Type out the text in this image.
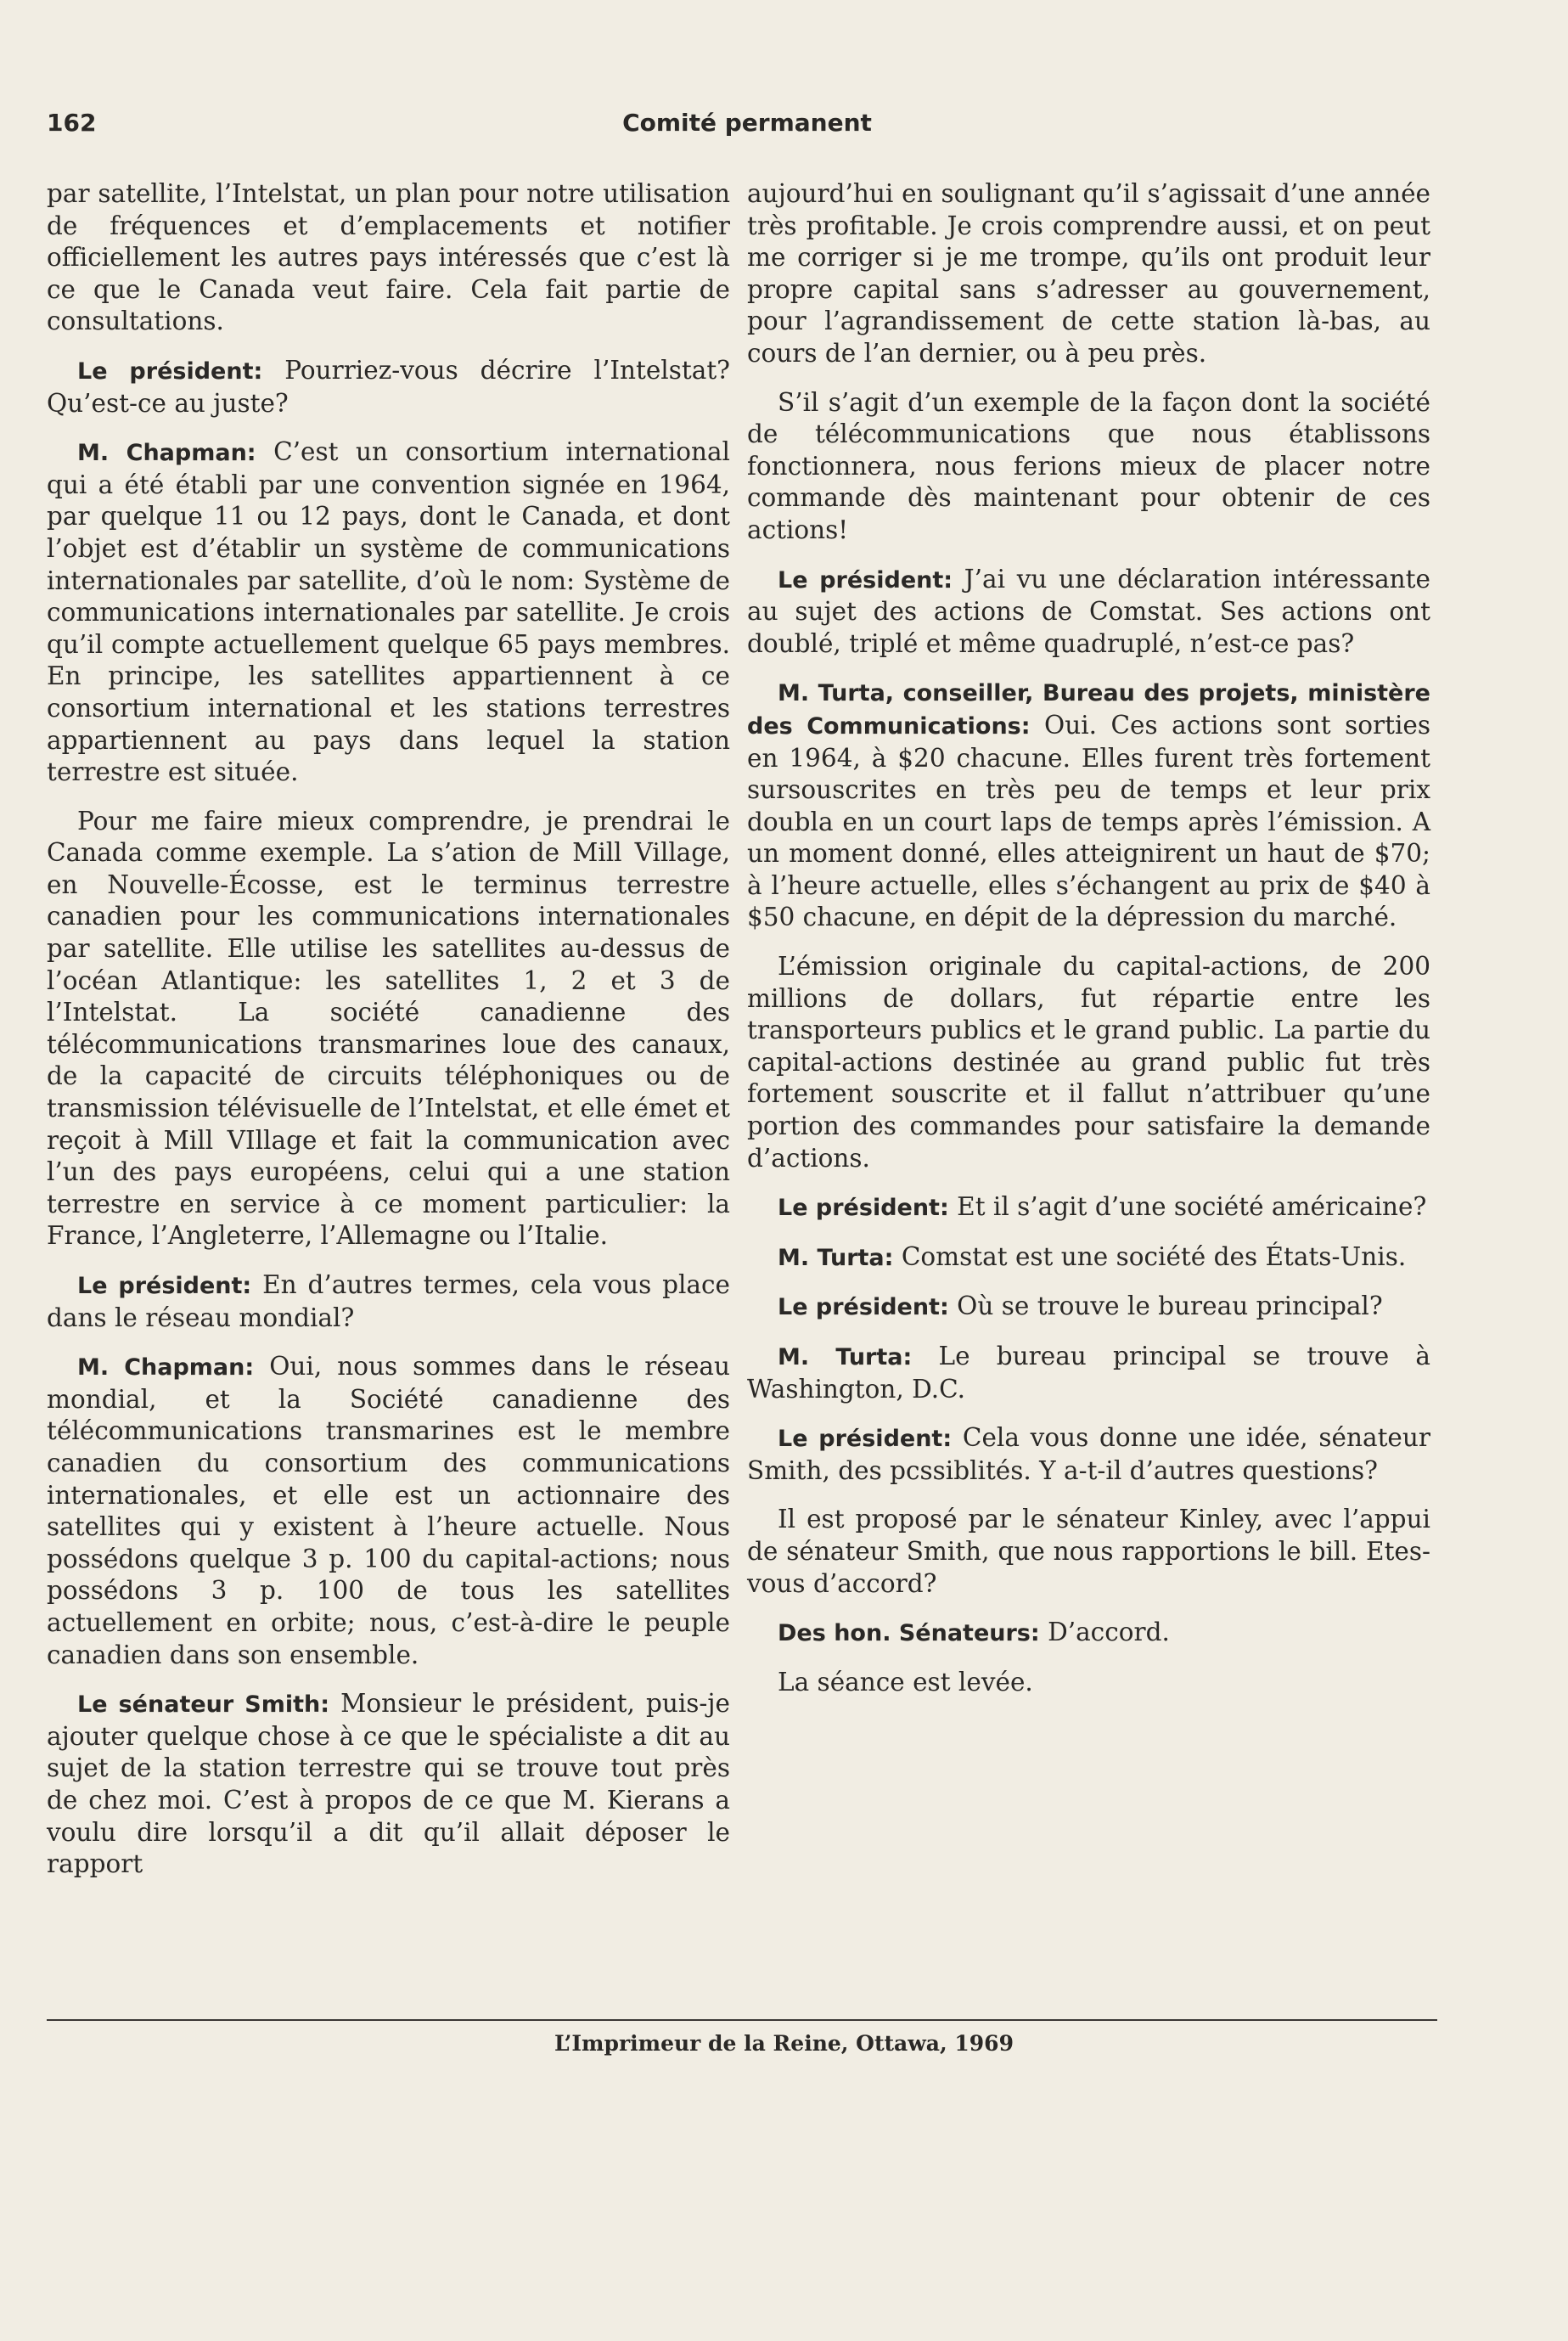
162	Comité permanent

par satellite, l’Intelstat, un plan pour notre utilisation de fréquences et d’emplacements et notifier officiellement les autres pays intéressés que c’est là ce que le Canada veut faire. Cela fait partie de consultations.

Le président: Pourriez-vous décrire l’Intelstat? Qu’est-ce au juste?

M. Chapman: C’est un consortium international qui a été établi par une convention signée en 1964, par quelque 11 ou 12 pays, dont le Canada, et dont l’objet est d’établir un système de communications internationales par satellite, d’où le nom: Système de communications internationales par satellite. Je crois qu’il compte actuellement quelque 65 pays membres. En principe, les satellites appartiennent à ce consortium international et les stations terrestres appartiennent au pays dans lequel la station terrestre est située.

Pour me faire mieux comprendre, je prendrai le Canada comme exemple. La s’ation de Mill Village, en Nouvelle-Écosse, est le terminus terrestre canadien pour les communications internationales par satellite. Elle utilise les satellites au-dessus de l’océan Atlantique: les satellites 1, 2 et 3 de l’Intelstat. La société canadienne des télécommunications transmarines loue des canaux, de la capacité de circuits téléphoniques ou de transmission télévisuelle de l’Intelstat, et elle émet et reçoit à Mill VIllage et fait la communication avec l’un des pays européens, celui qui a une station terrestre en service à ce moment particulier: la France, l’Angleterre, l’Allemagne ou l’Italie.

Le président: En d’autres termes, cela vous place dans le réseau mondial?

M. Chapman: Oui, nous sommes dans le réseau mondial, et la Société canadienne des télécommunications transmarines est le membre canadien du consortium des communications internationales, et elle est un actionnaire des satellites qui y existent à l’heure actuelle. Nous possédons quelque 3 p. 100 du capital-actions; nous possédons 3 p. 100 de tous les satellites actuellement en orbite; nous, c’est-à-dire le peuple canadien dans son ensemble.

Le sénateur Smith: Monsieur le président, puis-je ajouter quelque chose à ce que le spécialiste a dit au sujet de la station terrestre qui se trouve tout près de chez moi. C’est à propos de ce que M. Kierans a voulu dire lorsqu’il a dit qu’il allait déposer le rapport

aujourd’hui en soulignant qu’il s’agissait d’une année très profitable. Je crois comprendre aussi, et on peut me corriger si je me trompe, qu’ils ont produit leur propre capital sans s’adresser au gouvernement, pour l’agrandissement de cette station là-bas, au cours de l’an dernier, ou à peu près.

S’il s’agit d’un exemple de la façon dont la société de télécommunications que nous établissons fonctionnera, nous ferions mieux de placer notre commande dès maintenant pour obtenir de ces actions!

Le président: J’ai vu une déclaration intéressante au sujet des actions de Comstat. Ses actions ont doublé, triplé et même quadruplé, n’est-ce pas?

M. Turta, conseiller, Bureau des projets, ministère des Communications: Oui. Ces actions sont sorties en 1964, à $20 chacune. Elles furent très fortement sursouscrites en très peu de temps et leur prix doubla en un court laps de temps après l’émission. A un moment donné, elles atteignirent un haut de $70; à l’heure actuelle, elles s’échangent au prix de $40 à $50 chacune, en dépit de la dépression du marché.

L’émission originale du capital-actions, de 200 millions de dollars, fut répartie entre les transporteurs publics et le grand public. La partie du capital-actions destinée au grand public fut très fortement souscrite et il fallut n’attribuer qu’une portion des commandes pour satisfaire la demande d’actions.

Le président: Et il s’agit d’une société américaine?

M. Turta: Comstat est une société des États-Unis.

Le président: Où se trouve le bureau principal?

M. Turta: Le bureau principal se trouve à Washington, D.C.

Le président: Cela vous donne une idée, sénateur Smith, des pcssiblités. Y a-t-il d’autres questions?

Il est proposé par le sénateur Kinley, avec l’appui de sénateur Smith, que nous rapportions le bill. Etes-vous d’accord?

Des hon. Sénateurs: D’accord.

La séance est levée.

L’Imprimeur de la Reine, Ottawa, 1969
